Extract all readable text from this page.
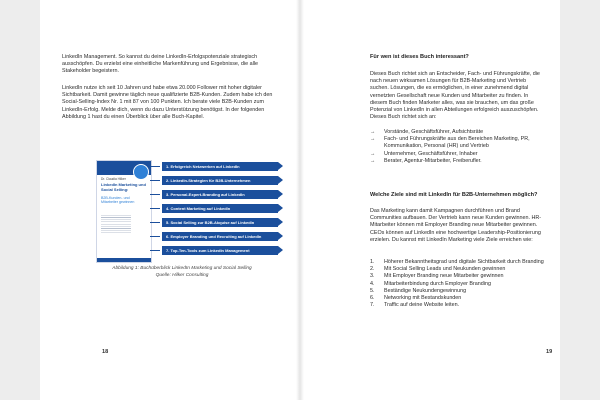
LinkedIn Management. So kannst du deine LinkedIn-Erfolgspotenziale strategisch ausschöpfen. Du erzielst eine einheitliche Markenführung und Ergebnisse, die alle Stakeholder begeistern.

LinkedIn nutze ich seit 10 Jahren und habe etwa 20.000 Follower mit hoher digitaler Sichtbarkeit. Damit gewinne täglich neue qualifizierte B2B-Kunden. Zudem habe ich den Social-Selling-Index Nr. 1 mit 87 von 100 Punkten. Ich berate viele B2B-Kunden zum LinkedIn-Erfolg. Melde dich, wenn du dazu Unterstützung benötigst. In der folgenden Abbildung 1 hast du einen Überblick über alle Buch-Kapitel.

Dr. Claudia Hilker
LinkedIn Marketing und Social Selling:
B2B-Kunden- und Mitarbeiter gewinnen
1. Erfolgreich Netzwerken auf LinkedIn
2. LinkedIn-Strategien für B2B-Unternehmen
3. Personal-Expert-Branding auf LinkedIn
4. Content Marketing auf LinkedIn
5. Social Selling zur B2B-Akquise auf LinkedIn
6. Employer Branding und Recruiting auf LinkedIn
7. Top-Ten-Tools zum LinkedIn Management
Abbildung 1: Buchüberblick LinkedIn Marketing und Social Selling
Quelle: Hilker Consulting
18
Für wen ist dieses Buch interessant?

Dieses Buch richtet sich an Entscheider, Fach- und Führungskräfte, die nach neuen wirksamen Lösungen für B2B-Marketing und Vertrieb suchen. Lösungen, die es ermöglichen, in einer zunehmend digital vernetzten Gesellschaft neue Kunden und Mitarbeiter zu finden. In diesem Buch finden Marketer alles, was sie brauchen, um das große Potenzial von LinkedIn in allen Abteilungen erfolgreich auszuschöpfen. Dieses Buch richtet sich an:

→ Vorstände, Geschäftsführer, Aufsichtsräte
→ Fach- und Führungskräfte aus den Bereichen Marketing, PR, Kommunikation, Personal (HR) und Vertrieb
→ Unternehmer, Geschäftsführer, Inhaber
→ Berater, Agentur-Mitarbeiter, Freiberufler.
Welche Ziele sind mit LinkedIn für B2B-Unternehmen möglich?

Das Marketing kann damit Kampagnen durchführen und Brand Communities aufbauen. Der Vertrieb kann neue Kunden gewinnen. HR-Mitarbeiter können mit Employer Branding neue Mitarbeiter gewinnen. CEOs können auf LinkedIn eine hochwertige Leadership-Positionierung erzielen. Du kannst mit LinkedIn Marketing viele Ziele erreichen wie:

1. Höherer Bekanntheitsgrad und digitale Sichtbarkeit durch Branding
2. Mit Social Selling Leads und Neukunden gewinnen
3. Mit Employer Branding neue Mitarbeiter gewinnen
4. Mitarbeiterbindung durch Employer Branding
5. Beständige Neukundengewinnung
6. Networking mit Bestandskunden
7. Traffic auf deine Website leiten.
19
